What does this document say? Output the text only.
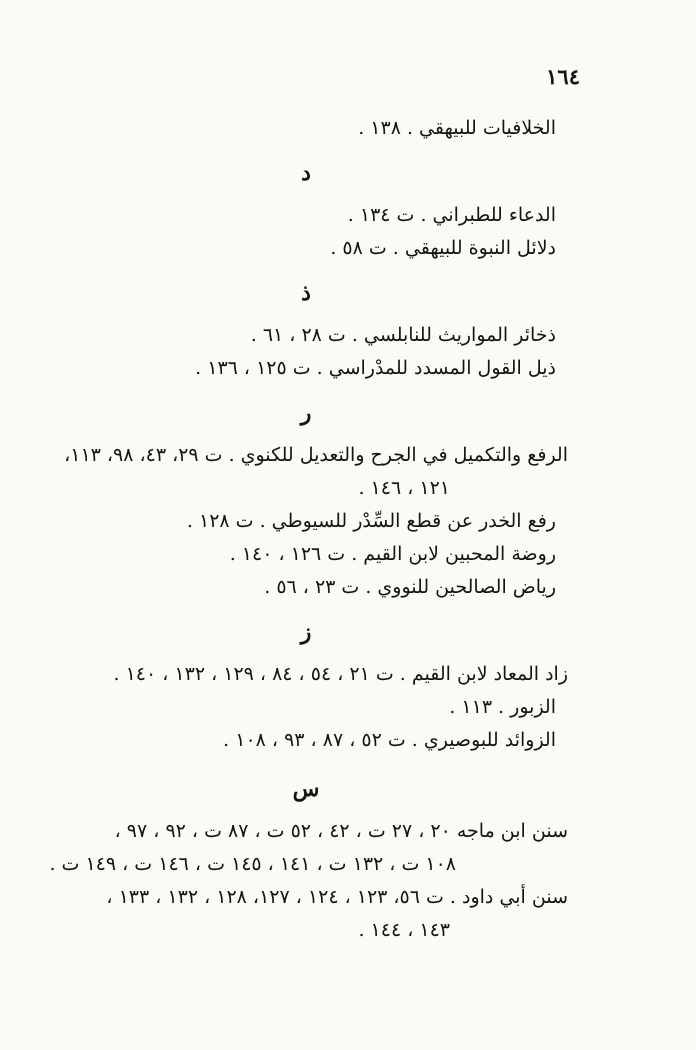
١٦٤

الخلافيات للبيهقي . ١٣٨ .

د

الدعاء للطبراني . ت ١٣٤ .

دلائل النبوة للبيهقي . ت ٥٨ .

ذ

ذخائر المواريث للنابلسي . ت ٢٨ ، ٦١ .

ذيل القول المسدد للمدْراسي . ت ١٢٥ ، ١٣٦ .

ر

الرفع والتكميل في الجرح والتعديل للكنوي . ت ٢٩، ٤٣، ٩٨، ١١٣،

١٢١ ، ١٤٦ .

رفع الخدر عن قطع السِّدْر للسيوطي . ت ١٢٨ .

روضة المحبين لابن القيم . ت ١٢٦ ، ١٤٠ .

رياض الصالحين للنووي . ت ٢٣ ، ٥٦ .

ز

زاد المعاد لابن القيم . ت ٢١ ، ٥٤ ، ٨٤ ، ١٢٩ ، ١٣٢ ، ١٤٠ .

الزبور . ١١٣ .

الزوائد للبوصيري . ت ٥٢ ، ٨٧ ، ٩٣ ، ١٠٨ .

س

سنن ابن ماجه ٢٠ ، ٢٧ ت ، ٤٢ ، ٥٢ ت ، ٨٧ ت ، ٩٢ ، ٩٧ ،

١٠٨ ت ، ١٣٢ ت ، ١٤١ ، ١٤٥ ت ، ١٤٦ ت ، ١٤٩ ت .

سنن أبي داود . ت ٥٦، ١٢٣ ، ١٢٤ ، ١٢٧، ١٢٨ ، ١٣٢ ، ١٣٣ ،

١٤٣ ، ١٤٤ .
